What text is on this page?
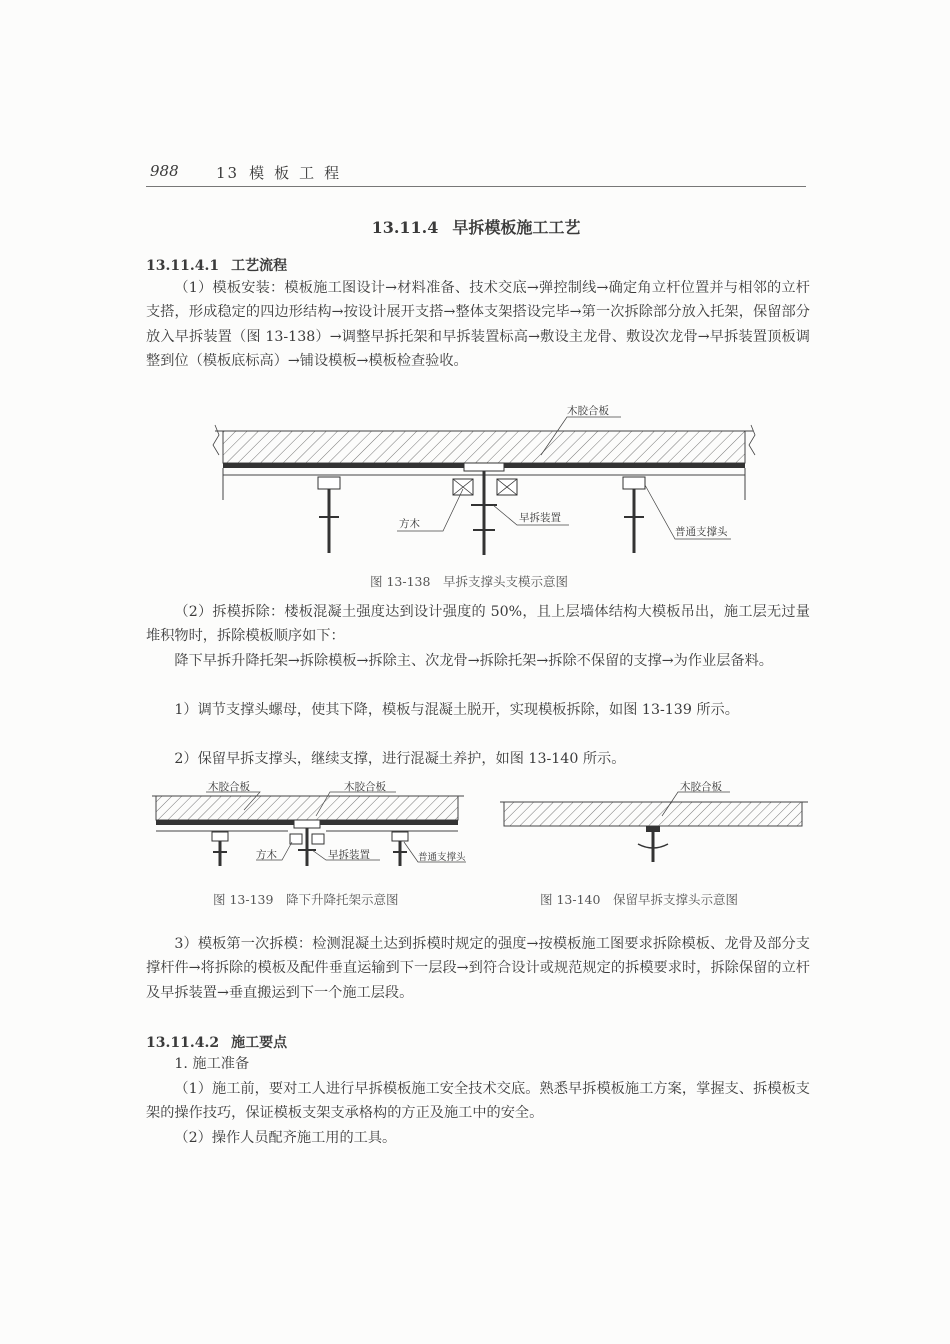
988 13 模板工程
13.11.4 早拆模板施工工艺
13.11.4.1 工艺流程
（1）模板安装：模板施工图设计→材料准备、技术交底→弹控制线→确定角立杆位置并与相邻的立杆支搭，形成稳定的四边形结构→按设计展开支搭→整体支架搭设完毕→第一次拆除部分放入托架，保留部分放入早拆装置（图 13-138）→调整早拆托架和早拆装置标高→敷设主龙骨、敷设次龙骨→早拆装置顶板调整到位（模板底标高）→铺设模板→模板检查验收。
木胶合板
方木	早拆装置
普通支撑头
图 13-138　早拆支撑头支模示意图
（2）拆模拆除：楼板混凝土强度达到设计强度的 50%，且上层墙体结构大模板吊出，施工层无过量堆积物时，拆除模板顺序如下：
降下早拆升降托架→拆除模板→拆除主、次龙骨→拆除托架→拆除不保留的支撑→为作业层备料。
1）调节支撑头螺母，使其下降，模板与混凝土脱开，实现模板拆除，如图 13-139 所示。
2）保留早拆支撑头，继续支撑，进行混凝土养护，如图 13-140 所示。
木胶合板	木胶合板
方木	早拆装置	普通支撑头
图 13-139　降下升降托架示意图
木胶合板
图 13-140　保留早拆支撑头示意图
3）模板第一次拆模：检测混凝土达到拆模时规定的强度→按模板施工图要求拆除模板、龙骨及部分支撑杆件→将拆除的模板及配件垂直运输到下一层段→到符合设计或规范规定的拆模要求时，拆除保留的立杆及早拆装置→垂直搬运到下一个施工层段。
13.11.4.2 施工要点
1. 施工准备
（1）施工前，要对工人进行早拆模板施工安全技术交底。熟悉早拆模板施工方案，掌握支、拆模板支架的操作技巧，保证模板支架支承格构的方正及施工中的安全。
（2）操作人员配齐施工用的工具。
